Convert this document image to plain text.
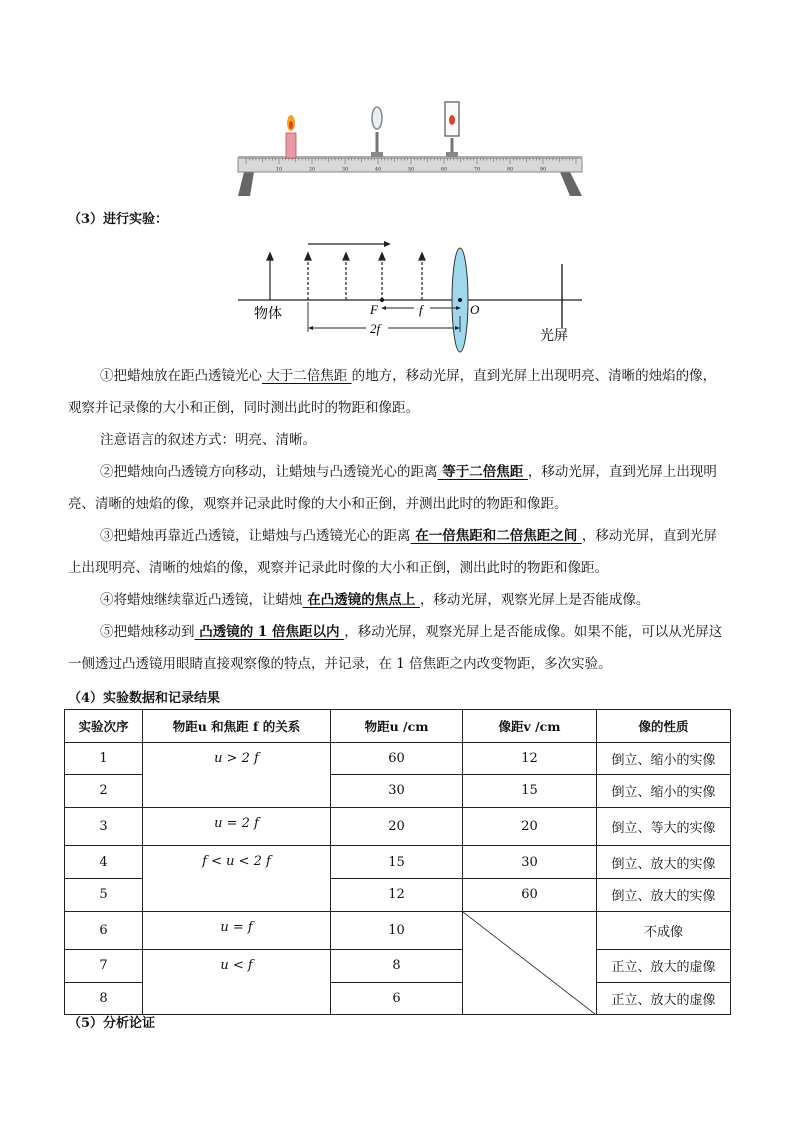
10	20	30	40	50	60	70	80	90
（3）进行实验：
物体	F	O
f
2f
光屏
①把蜡烛放在距凸透镜光心 大于二倍焦距 的地方，移动光屏，直到光屏上出现明亮、清晰的烛焰的像，观察并记录像的大小和正倒，同时测出此时的物距和像距。
注意语言的叙述方式：明亮、清晰。
②把蜡烛向凸透镜方向移动，让蜡烛与凸透镜光心的距离 等于二倍焦距 ，移动光屏，直到光屏上出现明亮、清晰的烛焰的像，观察并记录此时像的大小和正倒，并测出此时的物距和像距。
③把蜡烛再靠近凸透镜，让蜡烛与凸透镜光心的距离 在一倍焦距和二倍焦距之间 ，移动光屏，直到光屏上出现明亮、清晰的烛焰的像，观察并记录此时像的大小和正倒，测出此时的物距和像距。
④将蜡烛继续靠近凸透镜，让蜡烛 在凸透镜的焦点上 ，移动光屏，观察光屏上是否能成像。
⑤把蜡烛移动到 凸透镜的 1 倍焦距以内 ，移动光屏，观察光屏上是否能成像。如果不能，可以从光屏这一侧透过凸透镜用眼睛直接观察像的特点，并记录，在 1 倍焦距之内改变物距，多次实验。
（4）实验数据和记录结果
实验次序	物距u 和焦距 f 的关系	物距u /cm	像距v /cm	像的性质
1	u > 2 f	60	12	倒立、缩小的实像
2		30	15	倒立、缩小的实像
3	u = 2 f	20	20	倒立、等大的实像
4	f < u < 2 f	15	30	倒立、放大的实像
5		12	60	倒立、放大的实像
6	u = f	10		不成像
7	u < f	8		正立、放大的虚像
8		6		正立、放大的虚像
（5）分析论证
